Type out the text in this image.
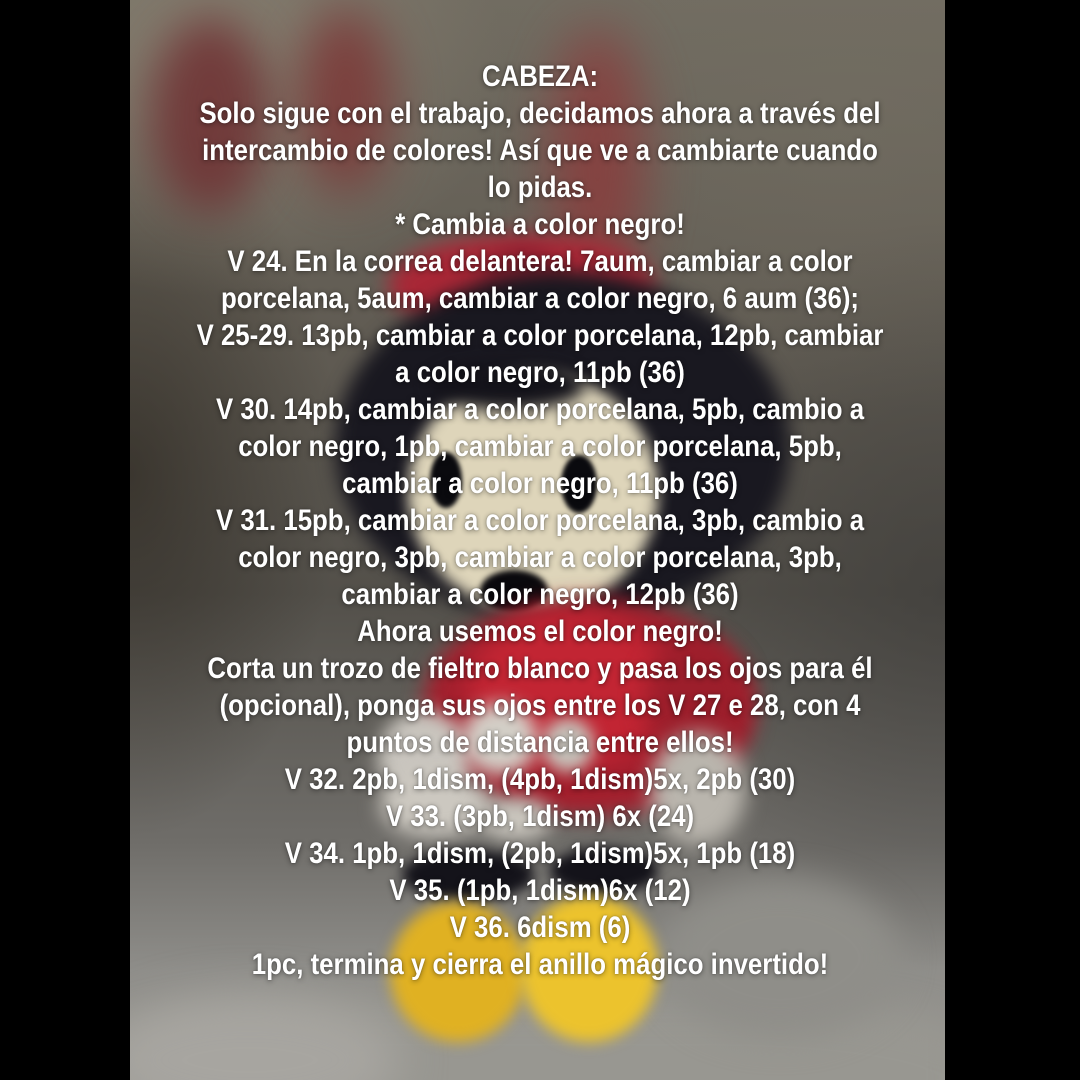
CABEZA:
Solo sigue con el trabajo, decidamos ahora a través del
intercambio de colores! Así que ve a cambiarte cuando
lo pidas.
* Cambia a color negro!
V 24. En la correa delantera! 7aum, cambiar a color
porcelana, 5aum, cambiar a color negro, 6 aum (36);
V 25-29. 13pb, cambiar a color porcelana, 12pb, cambiar
a color negro, 11pb (36)
V 30. 14pb, cambiar a color porcelana, 5pb, cambio a
color negro, 1pb, cambiar a color porcelana, 5pb,
cambiar a color negro, 11pb (36)
V 31. 15pb, cambiar a color porcelana, 3pb, cambio a
color negro, 3pb, cambiar a color porcelana, 3pb,
cambiar a color negro, 12pb (36)
Ahora usemos el color negro!
Corta un trozo de fieltro blanco y pasa los ojos para él
(opcional), ponga sus ojos entre los V 27 e 28, con 4
puntos de distancia entre ellos!
V 32. 2pb, 1dism, (4pb, 1dism)5x, 2pb (30)
V 33. (3pb, 1dism) 6x (24)
V 34. 1pb, 1dism, (2pb, 1dism)5x, 1pb (18)
V 35. (1pb, 1dism)6x (12)
V 36. 6dism (6)
1pc, termina y cierra el anillo mágico invertido!
